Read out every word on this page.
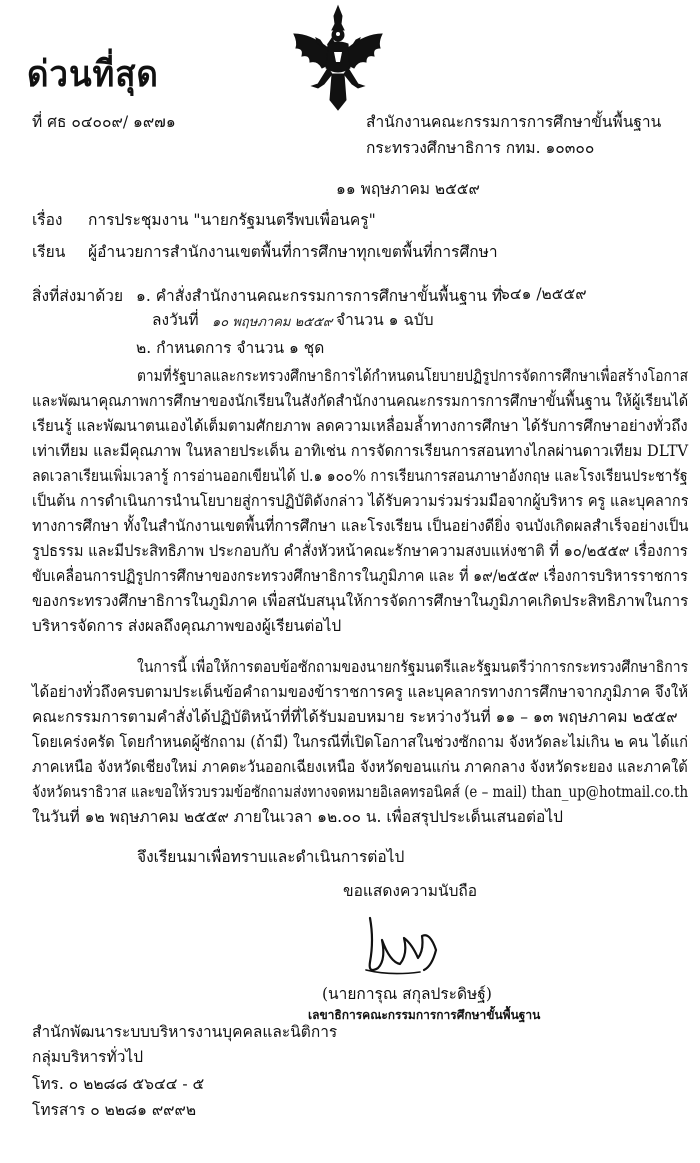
ด่วนที่สุด
ที่ ศธ ๐๔๐๐๙/ ๑๙๗๑	สำนักงานคณะกรรมการการศึกษาขั้นพื้นฐาน
กระทรวงศึกษาธิการ กทม. ๑๐๓๐๐
๑๑ พฤษภาคม ๒๕๕๙
เรื่อง การประชุมงาน "นายกรัฐมนตรีพบเพื่อนครู"
เรียน ผู้อำนวยการสำนักงานเขตพื้นที่การศึกษาทุกเขตพื้นที่การศึกษา
สิ่งที่ส่งมาด้วย ๑. คำสั่งสำนักงานคณะกรรมการการศึกษาขั้นพื้นฐาน ที่
๖๔๑ /๒๕๕๙
ลงวันที่ ๑๐ พฤษภาคม ๒๕๕๙ จำนวน ๑ ฉบับ
๒. กำหนดการ จำนวน ๑ ชุด
ตามที่รัฐบาลและกระทรวงศึกษาธิการได้กำหนดนโยบายปฏิรูปการจัดการศึกษาเพื่อสร้างโอกาส
และพัฒนาคุณภาพการศึกษาของนักเรียนในสังกัดสำนักงานคณะกรรมการการศึกษาขั้นพื้นฐาน ให้ผู้เรียนได้
เรียนรู้ และพัฒนาตนเองได้เต็มตามศักยภาพ ลดความเหลื่อมล้ำทางการศึกษา ได้รับการศึกษาอย่างทั่วถึง
เท่าเทียม และมีคุณภาพ ในหลายประเด็น อาทิเช่น การจัดการเรียนการสอนทางไกลผ่านดาวเทียม DLTV
ลดเวลาเรียนเพิ่มเวลารู้ การอ่านออกเขียนได้ ป.๑ ๑๐๐% การเรียนการสอนภาษาอังกฤษ และโรงเรียนประชารัฐ
เป็นต้น การดำเนินการนำนโยบายสู่การปฏิบัติดังกล่าว ได้รับความร่วมร่วมมือจากผู้บริหาร ครู และบุคลากร
ทางการศึกษา ทั้งในสำนักงานเขตพื้นที่การศึกษา และโรงเรียน เป็นอย่างดียิ่ง จนบังเกิดผลสำเร็จอย่างเป็น
รูปธรรม และมีประสิทธิภาพ ประกอบกับ คำสั่งหัวหน้าคณะรักษาความสงบแห่งชาติ ที่ ๑๐/๒๕๕๙ เรื่องการ
ขับเคลื่อนการปฏิรูปการศึกษาของกระทรวงศึกษาธิการในภูมิภาค และ ที่ ๑๙/๒๕๕๙ เรื่องการบริหารราชการ
ของกระทรวงศึกษาธิการในภูมิภาค เพื่อสนับสนุนให้การจัดการศึกษาในภูมิภาคเกิดประสิทธิภาพในการ
บริหารจัดการ ส่งผลถึงคุณภาพของผู้เรียนต่อไป
ในการนี้ เพื่อให้การตอบข้อซักถามของนายกรัฐมนตรีและรัฐมนตรีว่าการกระทรวงศึกษาธิการ
ได้อย่างทั่วถึงครบตามประเด็นข้อคำถามของข้าราชการครู และบุคลากรทางการศึกษาจากภูมิภาค จึงให้
คณะกรรมการตามคำสั่งได้ปฏิบัติหน้าที่ที่ได้รับมอบหมาย ระหว่างวันที่ ๑๑ – ๑๓ พฤษภาคม ๒๕๕๙
โดยเคร่งครัด โดยกำหนดผู้ซักถาม (ถ้ามี) ในกรณีที่เปิดโอกาสในช่วงซักถาม จังหวัดละไม่เกิน ๒ คน ได้แก่
ภาคเหนือ จังหวัดเชียงใหม่ ภาคตะวันออกเฉียงเหนือ จังหวัดขอนแก่น ภาคกลาง จังหวัดระยอง และภาคใต้
จังหวัดนราธิวาส และขอให้รวบรวมข้อซักถามส่งทางจดหมายอิเลคทรอนิคส์ (e – mail) than_up@hotmail.co.th
ในวันที่ ๑๒ พฤษภาคม ๒๕๕๙ ภายในเวลา ๑๒.๐๐ น. เพื่อสรุปประเด็นเสนอต่อไป
จึงเรียนมาเพื่อทราบและดำเนินการต่อไป
ขอแสดงความนับถือ
(นายการุณ สกุลประดิษฐ์)
เลขาธิการคณะกรรมการการศึกษาขั้นพื้นฐาน
สำนักพัฒนาระบบบริหารงานบุคคลและนิติการ
กลุ่มบริหารทั่วไป
โทร. ๐ ๒๒๘๘ ๕๖๔๔ - ๕
โทรสาร ๐ ๒๒๘๑ ๙๙๙๒
